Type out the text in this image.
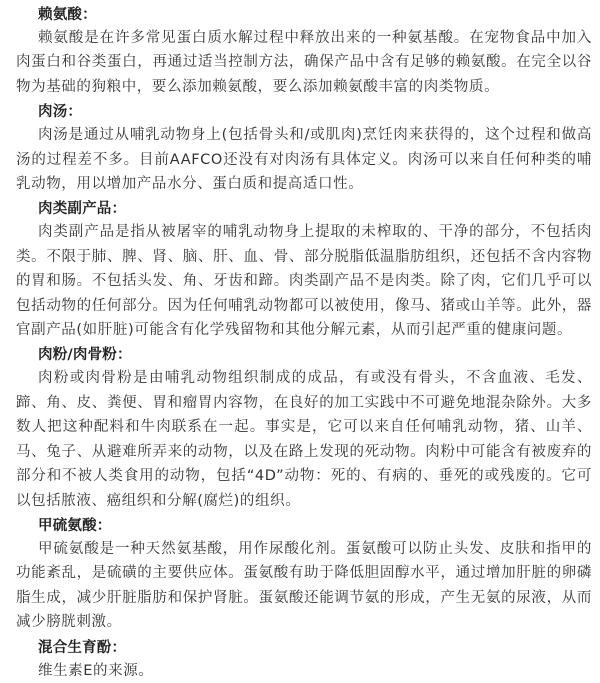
赖氨酸：

赖氨酸是在许多常见蛋白质水解过程中释放出来的一种氨基酸。在宠物食品中加入肉蛋白和谷类蛋白，再通过适当控制方法，确保产品中含有足够的赖氨酸。在完全以谷物为基础的狗粮中，要么添加赖氨酸，要么添加赖氨酸丰富的肉类物质。

肉汤：

肉汤是通过从哺乳动物身上(包括骨头和/或肌肉)烹饪肉来获得的，这个过程和做高汤的过程差不多。目前AAFCO还没有对肉汤有具体定义。肉汤可以来自任何种类的哺乳动物，用以增加产品水分、蛋白质和提高适口性。

肉类副产品：

肉类副产品是指从被屠宰的哺乳动物身上提取的未榨取的、干净的部分，不包括肉类。不限于肺、脾、肾、脑、肝、血、骨、部分脱脂低温脂肪组织，还包括不含内容物的胃和肠。不包括头发、角、牙齿和蹄。肉类副产品不是肉类。除了肉，它们几乎可以包括动物的任何部分。因为任何哺乳动物都可以被使用，像马、猪或山羊等。此外，器官副产品(如肝脏)可能含有化学残留物和其他分解元素，从而引起严重的健康问题。

肉粉/肉骨粉：

肉粉或肉骨粉是由哺乳动物组织制成的成品，有或没有骨头，不含血液、毛发、蹄、角、皮、粪便、胃和瘤胃内容物，在良好的加工实践中不可避免地混杂除外。大多数人把这种配料和牛肉联系在一起。事实是，它可以来自任何哺乳动物，猪、山羊、马、兔子、从避难所弄来的动物，以及在路上发现的死动物。肉粉中可能含有被废弃的部分和不被人类食用的动物，包括“4D”动物：死的、有病的、垂死的或残废的。它可以包括脓液、癌组织和分解(腐烂)的组织。

甲硫氨酸：

甲硫氨酸是一种天然氨基酸，用作尿酸化剂。蛋氨酸可以防止头发、皮肤和指甲的功能紊乱，是硫磺的主要供应体。蛋氨酸有助于降低胆固醇水平，通过增加肝脏的卵磷脂生成，减少肝脏脂肪和保护肾脏。蛋氨酸还能调节氨的形成，产生无氨的尿液，从而减少膀胱刺激。

混合生育酚：

维生素E的来源。
